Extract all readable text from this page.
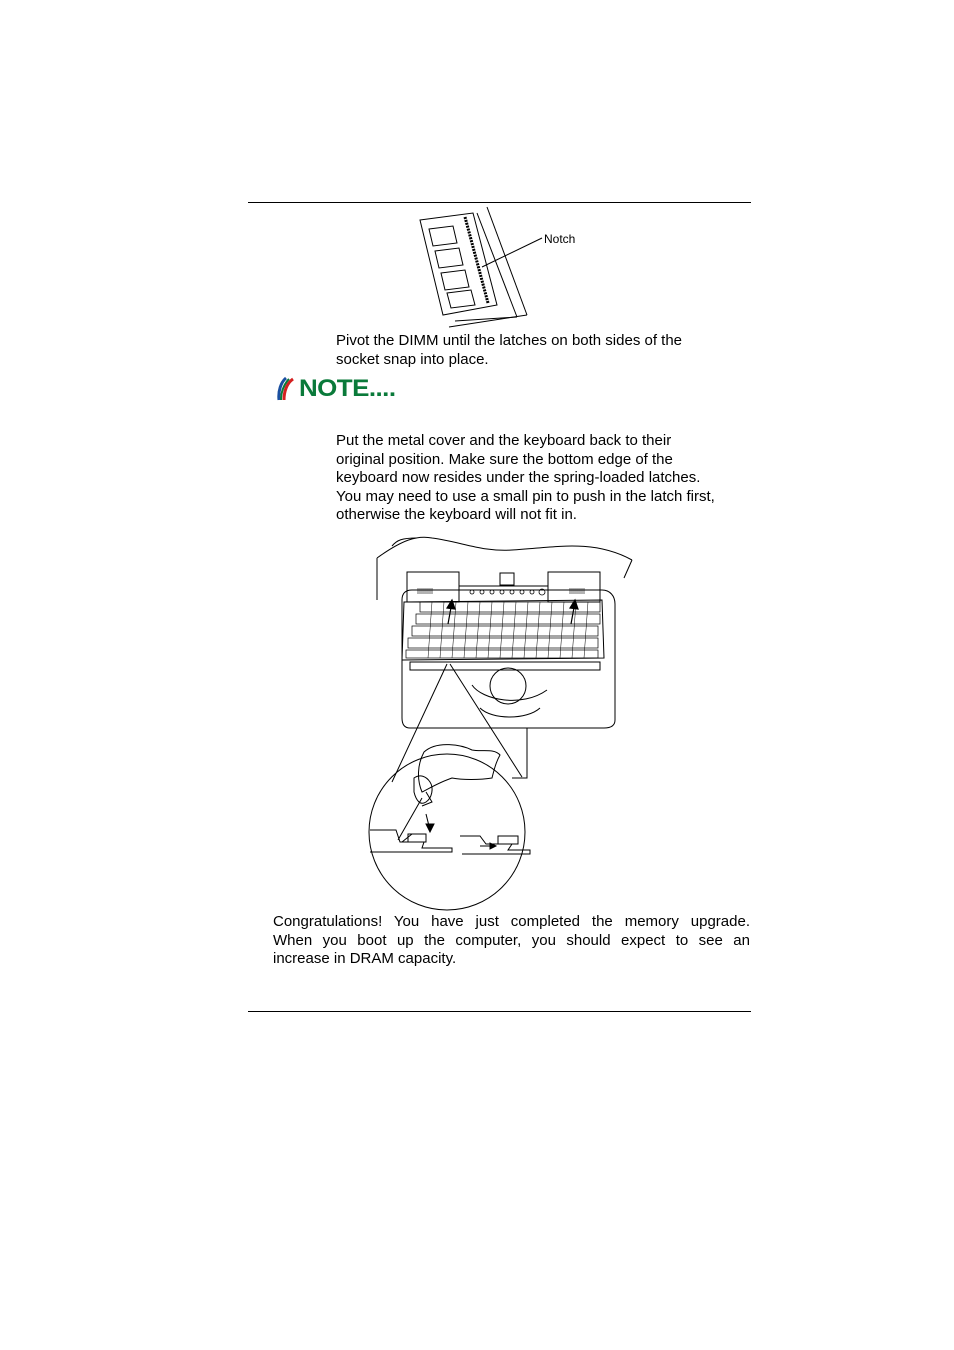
Notch
Pivot the DIMM until the latches on both sides of the
socket snap into place.
NOTE....
Put the metal cover and the keyboard back to their
original position. Make sure the bottom edge of the
keyboard now resides under the spring-loaded latches.
You may need to use a small pin to push in the latch first,
otherwise the keyboard will not fit in.
Congratulations! You have just completed the memory upgrade.
When you boot up the computer, you should expect to see an
increase in DRAM capacity.
